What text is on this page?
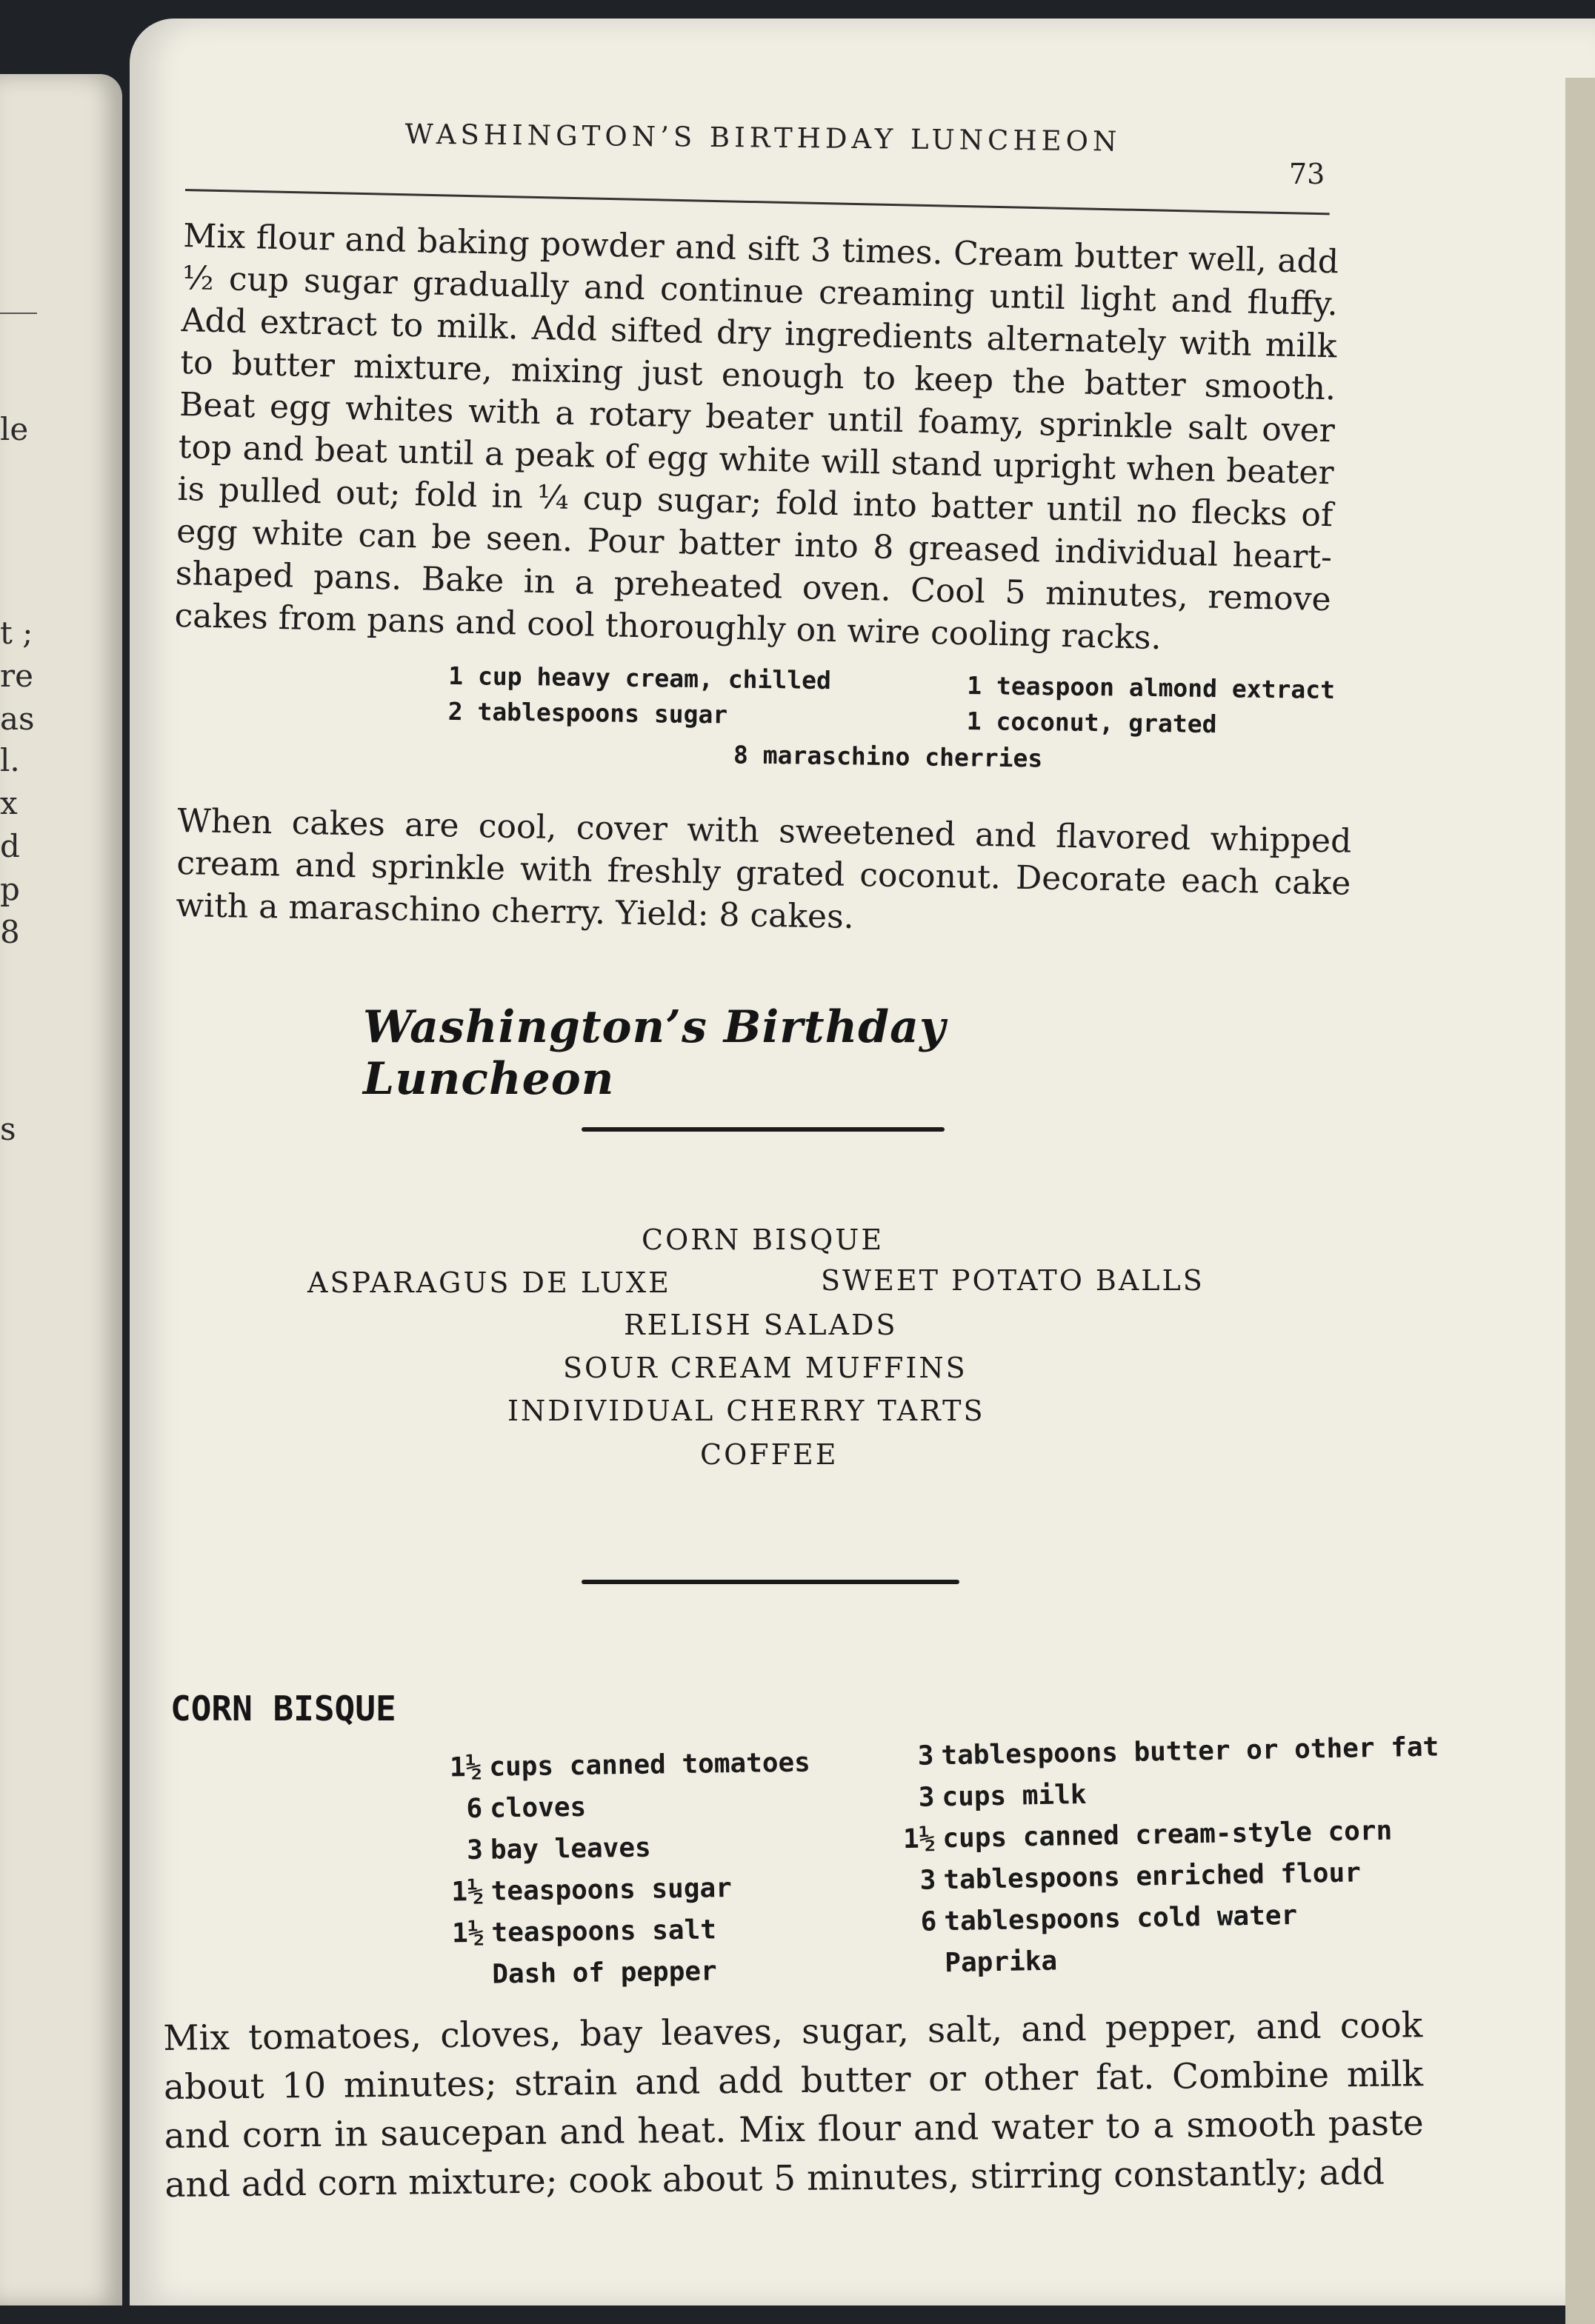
le
t ;
re
as
l.
x
d
p
8
s
WASHINGTON’S BIRTHDAY LUNCHEON
73

Mix flour and baking powder and sift 3 times. Cream butter well, add ½ cup sugar gradually and continue creaming until light and fluffy. Add extract to milk. Add sifted dry ingredients alternately with milk to butter mixture, mixing just enough to keep the batter smooth. Beat egg whites with a rotary beater until foamy, sprinkle salt over top and beat until a peak of egg white will stand upright when beater is pulled out; fold in ¼ cup sugar; fold into batter until no flecks of egg white can be seen. Pour batter into 8 greased individual heart-shaped pans. Bake in a preheated oven. Cool 5 minutes, remove cakes from pans and cool thoroughly on wire cooling racks.

1 cup heavy cream, chilled
2 tablespoons sugar
1 teaspoon almond extract
1 coconut, grated
8 maraschino cherries

When cakes are cool, cover with sweetened and flavored whipped cream and sprinkle with freshly grated coconut. Decorate each cake with a maraschino cherry. Yield: 8 cakes.

Washington’s Birthday Luncheon
CORN BISQUE
ASPARAGUS DE LUXE	SWEET POTATO BALLS
RELISH SALADS
SOUR CREAM MUFFINS
INDIVIDUAL CHERRY TARTS
COFFEE
CORN BISQUE
1½ cups canned tomatoes
6 cloves
3 bay leaves
1½ teaspoons sugar
1½ teaspoons salt
Dash of pepper
3 tablespoons butter or other fat
3 cups milk
1½ cups canned cream-style corn
3 tablespoons enriched flour
6 tablespoons cold water
Paprika

Mix tomatoes, cloves, bay leaves, sugar, salt, and pepper, and cook about 10 minutes; strain and add butter or other fat. Combine milk and corn in saucepan and heat. Mix flour and water to a smooth paste and add corn mixture; cook about 5 minutes, stirring constantly; add
